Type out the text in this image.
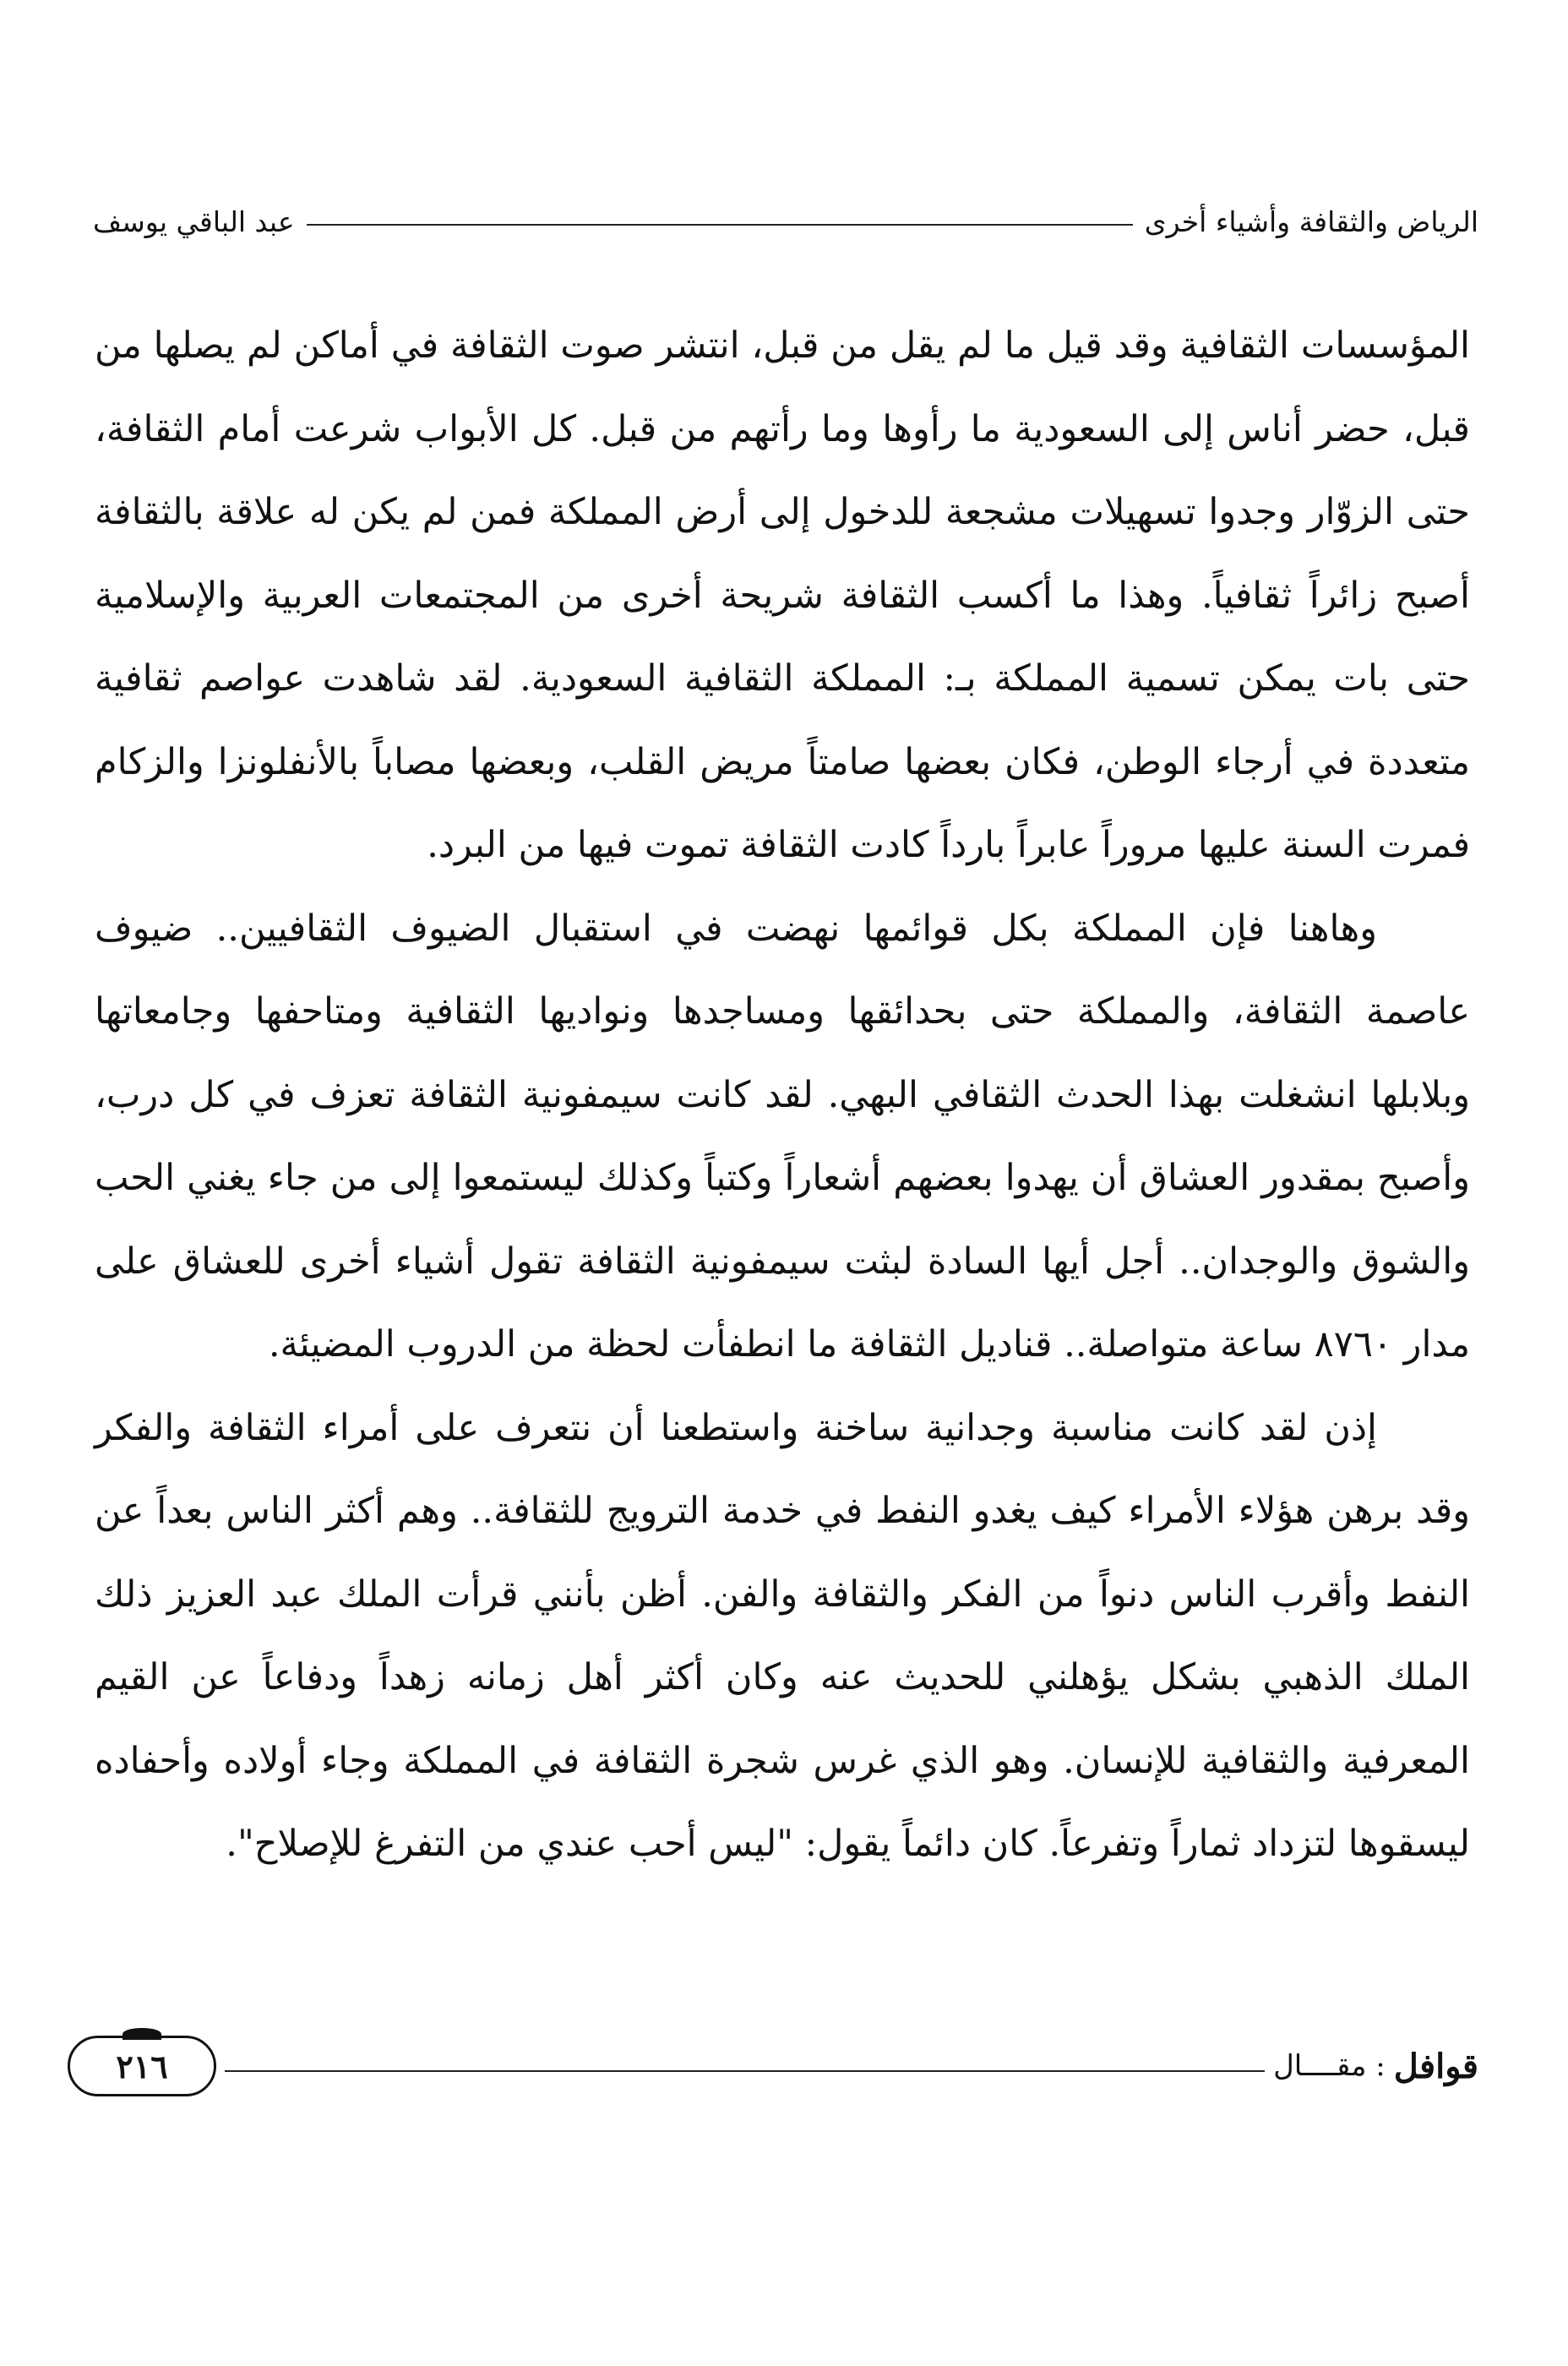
الرياض والثقافة وأشياء أخرى
عبد الباقي يوسف

المؤسسات الثقافية وقد قيل ما لم يقل من قبل، انتشر صوت الثقافة في أماكن لم يصلها من قبل، حضر أناس إلى السعودية ما رأوها وما رأتهم من قبل. كل الأبواب شرعت أمام الثقافة، حتى الزوّار وجدوا تسهيلات مشجعة للدخول إلى أرض المملكة فمن لم يكن له علاقة بالثقافة أصبح زائراً ثقافياً. وهذا ما أكسب الثقافة شريحة أخرى من المجتمعات العربية والإسلامية حتى بات يمكن تسمية المملكة بـ: المملكة الثقافية السعودية. لقد شاهدت عواصم ثقافية متعددة في أرجاء الوطن، فكان بعضها صامتاً مريض القلب، وبعضها مصاباً بالأنفلونزا والزكام فمرت السنة عليها مروراً عابراً بارداً كادت الثقافة تموت فيها من البرد.

وهاهنا فإن المملكة بكل قوائمها نهضت في استقبال الضيوف الثقافيين.. ضيوف عاصمة الثقافة، والمملكة حتى بحدائقها ومساجدها ونواديها الثقافية ومتاحفها وجامعاتها وبلابلها انشغلت بهذا الحدث الثقافي البهي. لقد كانت سيمفونية الثقافة تعزف في كل درب، وأصبح بمقدور العشاق أن يهدوا بعضهم أشعاراً وكتباً وكذلك ليستمعوا إلى من جاء يغني الحب والشوق والوجدان.. أجل أيها السادة لبثت سيمفونية الثقافة تقول أشياء أخرى للعشاق على مدار ٨٧٦٠ ساعة متواصلة.. قناديل الثقافة ما انطفأت لحظة من الدروب المضيئة.

إذن لقد كانت مناسبة وجدانية ساخنة واستطعنا أن نتعرف على أمراء الثقافة والفكر وقد برهن هؤلاء الأمراء كيف يغدو النفط في خدمة الترويج للثقافة.. وهم أكثر الناس بعداً عن النفط وأقرب الناس دنواً من الفكر والثقافة والفن. أظن بأنني قرأت الملك عبد العزيز ذلك الملك الذهبي بشكل يؤهلني للحديث عنه وكان أكثر أهل زمانه زهداً ودفاعاً عن القيم المعرفية والثقافية للإنسان. وهو الذي غرس شجرة الثقافة في المملكة وجاء أولاده وأحفاده ليسقوها لتزداد ثماراً وتفرعاً. كان دائماً يقول: "ليس أحب عندي من التفرغ للإصلاح".

قوافل
: مقــــال
٢١٦
